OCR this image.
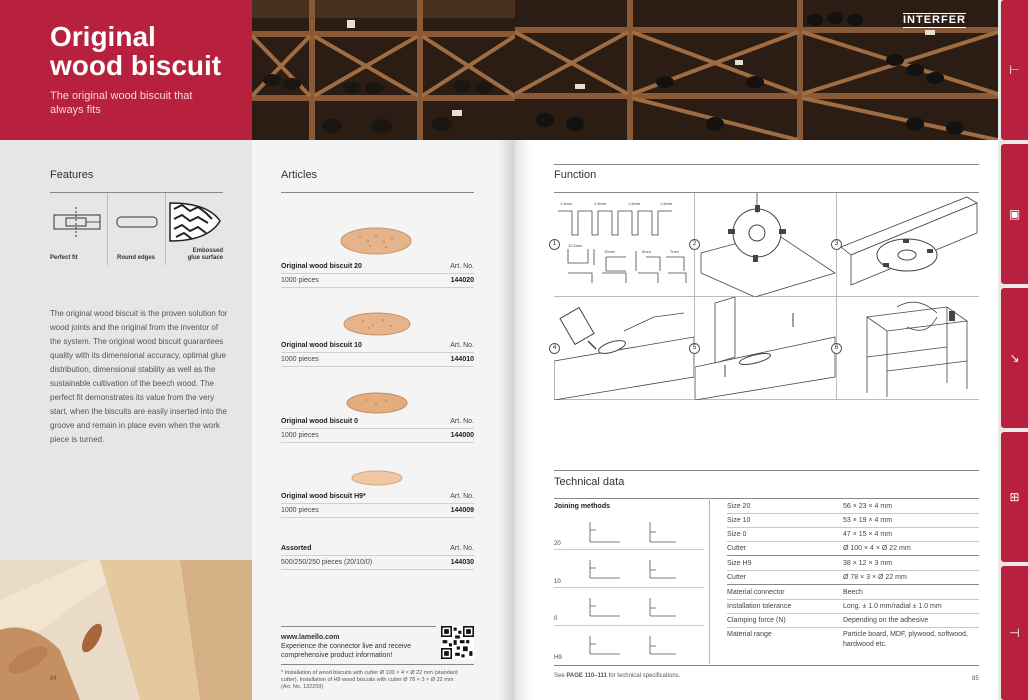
Original
wood biscuit
The original wood biscuit that always fits
Features
Perfect fit	Round edges
Embossed
glue surface
The original wood biscuit is the proven solution for wood joints and the original from the inventor of the system. The original wood biscuit guarantees quality with its dimensional accuracy, optimal glue distribution, dimensional stability as well as the sustainable cultivation of the beech wood. The perfect fit demonstrates its value from the very start, when the biscuits are easily inserted into the groove and remain in place even when the work piece is turned.
84
Articles
Original wood biscuit 20	Art. No.
1000 pieces	144020
Original wood biscuit 10	Art. No.
1000 pieces	144010
Original wood biscuit 0	Art. No.
1000 pieces	144000
Original wood biscuit H9*	Art. No.
1000 pieces	144009
Assorted	Art. No.
500/250/250 pieces (20/10/0)	144030
www.lamello.com
Experience the connector live and receive comprehensive product information!
* Installation of wood biscuits with cutter Ø 100 × 4 × Ø 22 mm (standard cutter). Installation of H9 wood biscuits with cutter Ø 78 × 3 × Ø 22 mm (Art. No. 132209)
INTERFER
Function
1.5mm	1.5mm	1.5mm	1.5mm
12.5mm
10mm	8mm	7mm
1	2	3
4	5	6
Technical data
Joining methods
20
10
0
H9
Size 20	56 × 23 × 4 mm
Size 10	53 × 19 × 4 mm
Size 0	47 × 15 × 4 mm
Cutter	Ø 100 × 4 × Ø 22 mm
Size H9	38 × 12 × 3 mm
Cutter	Ø 78 × 3 × Ø 22 mm
Material connector	Beech
Installation tolerance	Long. ± 1.0 mm/radial ± 1.0 mm
Clamping force (N)	Depending on the adhesive
Material range	Particle board, MDF, plywood, softwood, hardwood etc.
See PAGE 110–111 for technical specifications.	85
⊢
▣
↘
⊞
⊣
